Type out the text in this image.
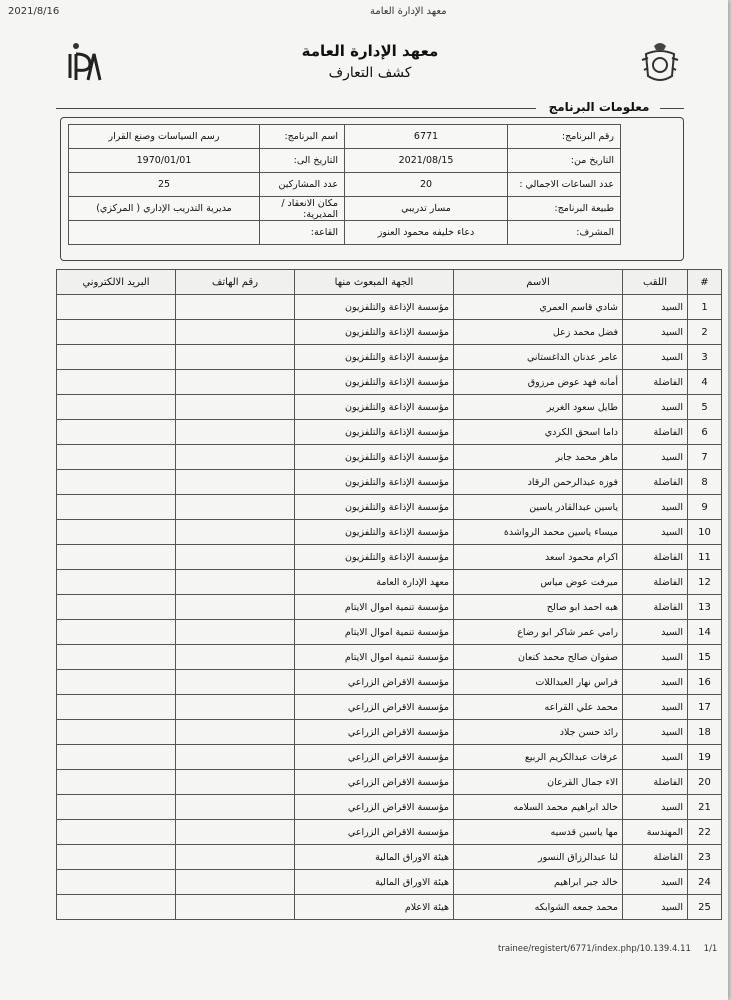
2021/8/16	معهد الإدارة العامة
معهد الإدارة العامة
كشف التعارف
معلومات البرنامج
رقم البرنامج:	6771	اسم البرنامج:	رسم السياسات وصنع القرار
التاريخ من:	2021/08/15	التاريخ الى:	1970/01/01
عدد الساعات الاجمالي :	20	عدد المشاركين	25
طبيعة البرنامج:	مسار تدريبي	مكان الانعقاد / المديرية:	مديرية التدريب الإداري ( المركزي)
المشرف:	دعاء خليفه محمود العنوز	القاعة:	
#	اللقب	الاسم	الجهة المبعوث منها	رقم الهاتف	البريد الالكتروني
1	السيد	شادي قاسم العمري	مؤسسة الإذاعة والتلفزيون		
2	السيد	فضل محمد زعل	مؤسسة الإذاعة والتلفزيون		
3	السيد	عامر عدنان الداغستاني	مؤسسة الإذاعة والتلفزيون		
4	الفاضلة	أمانه فهد عوض مرزوق	مؤسسة الإذاعة والتلفزيون		
5	السيد	طايل سعود الغرير	مؤسسة الإذاعة والتلفزيون		
6	الفاضلة	داما اسحق الكردي	مؤسسة الإذاعة والتلفزيون		
7	السيد	ماهر محمد جابر	مؤسسة الإذاعة والتلفزيون		
8	الفاضلة	فوزه عبدالرحمن الرقاد	مؤسسة الإذاعة والتلفزيون		
9	السيد	ياسين عبدالقادر ياسين	مؤسسة الإذاعة والتلفزيون		
10	السيد	ميساء ياسين محمد الرواشدة	مؤسسة الإذاعة والتلفزيون		
11	الفاضلة	اكرام محمود اسعد	مؤسسة الإذاعة والتلفزيون		
12	الفاضلة	ميرفت عوض مياس	معهد الإدارة العامة		
13	الفاضلة	هبه احمد ابو صالح	مؤسسة تنمية اموال الايتام		
14	السيد	رامي عمر شاكر ابو رضاع	مؤسسة تنمية اموال الايتام		
15	السيد	صفوان صالح محمد كنعان	مؤسسة تنمية اموال الايتام		
16	السيد	فراس نهار العبداللات	مؤسسة الاقراض الزراعي		
17	السيد	محمد علي القراعه	مؤسسة الاقراض الزراعي		
18	السيد	رائد حسن جلاد	مؤسسة الاقراض الزراعي		
19	السيد	عرفات عبدالكريم الربيع	مؤسسة الاقراض الزراعي		
20	الفاضلة	الاء جمال القرعان	مؤسسة الاقراض الزراعي		
21	السيد	خالد ابراهيم محمد السلامه	مؤسسة الاقراض الزراعي		
22	المهندسة	مها ياسين قدسيه	مؤسسة الاقراض الزراعي		
23	الفاضلة	لنا عبدالرزاق النسور	هيئة الاوراق المالية		
24	السيد	خالد جبر ابراهيم	هيئة الاوراق المالية		
25	السيد	محمد جمعه الشوابكه	هيئة الاعلام		
trainee/registert/6771/index.php/10.139.4.11 1/1
